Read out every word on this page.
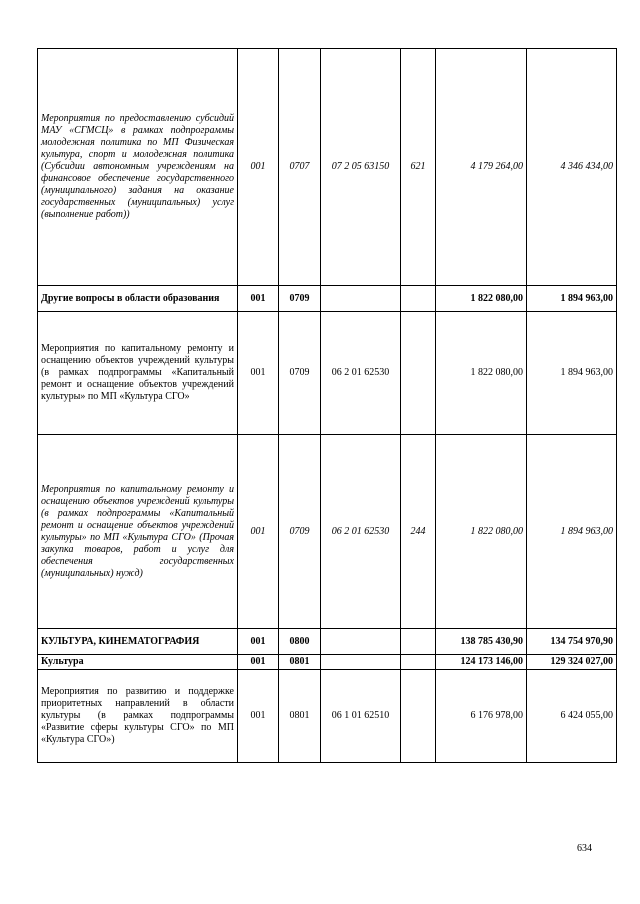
Мероприятия по предоставлению субсидий МАУ «СГМСЦ» в рамках подпрограммы молодежная политика по МП Физическая культура, спорт и молодежная политика (Субсидии автономным учреждениям на финансовое обеспечение государственного (муниципального) задания на оказание государственных (муниципальных) услуг (выполнение работ))	001	0707	07 2 05 63150	621	4 179 264,00	4 346 434,00
Другие вопросы в области образования	001	0709			1 822 080,00	1 894 963,00
Мероприятия по капитальному ремонту и оснащению объектов учреждений культуры (в рамках подпрограммы «Капитальный ремонт и оснащение объектов учреждений культуры» по МП «Культура СГО»	001	0709	06 2 01 62530		1 822 080,00	1 894 963,00
Мероприятия по капитальному ремонту и оснащению объектов учреждений культуры (в рамках подпрограммы «Капитальный ремонт и оснащение объектов учреждений культуры» по МП «Культура СГО» (Прочая закупка товаров, работ и услуг для обеспечения государственных (муниципальных) нужд)	001	0709	06 2 01 62530	244	1 822 080,00	1 894 963,00
КУЛЬТУРА, КИНЕМАТОГРАФИЯ	001	0800			138 785 430,90	134 754 970,90
Культура	001	0801			124 173 146,00	129 324 027,00
Мероприятия по развитию и поддержке приоритетных направлений в области культуры (в рамках подпрограммы «Развитие сферы культуры СГО» по МП «Культура СГО»)	001	0801	06 1 01 62510		6 176 978,00	6 424 055,00
634
